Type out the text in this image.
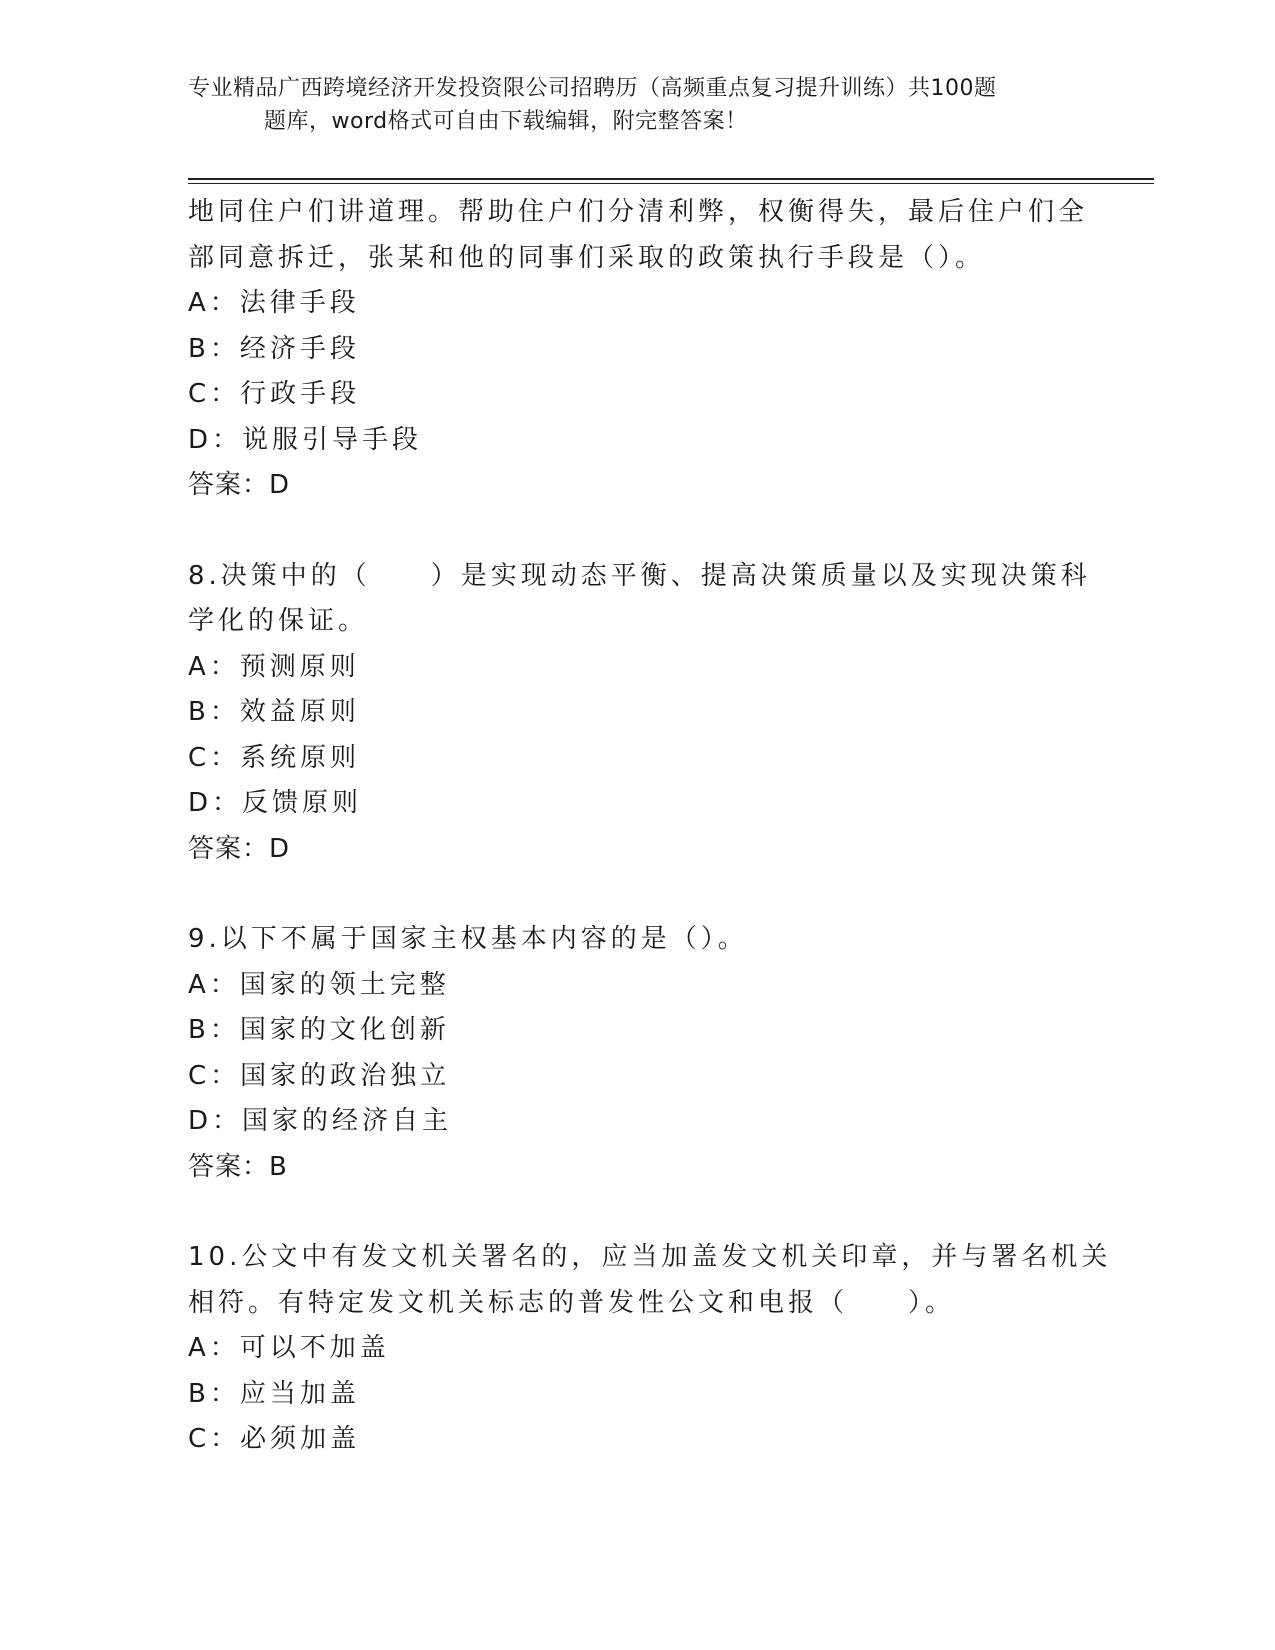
专业精品广西跨境经济开发投资限公司招聘历（高频重点复习提升训练）共100题
题库，word格式可自由下载编辑，附完整答案！
地同住户们讲道理。帮助住户们分清利弊，权衡得失，最后住户们全
部同意拆迁，张某和他的同事们采取的政策执行手段是（）。
A：法律手段
B：经济手段
C：行政手段
D：说服引导手段
答案：D
8.决策中的（　　）是实现动态平衡、提高决策质量以及实现决策科
学化的保证。
A：预测原则
B：效益原则
C：系统原则
D：反馈原则
答案：D
9.以下不属于国家主权基本内容的是（）。
A：国家的领土完整
B：国家的文化创新
C：国家的政治独立
D：国家的经济自主
答案：B
10.公文中有发文机关署名的，应当加盖发文机关印章，并与署名机关
相符。有特定发文机关标志的普发性公文和电报（　　）。
A：可以不加盖
B：应当加盖
C：必须加盖
